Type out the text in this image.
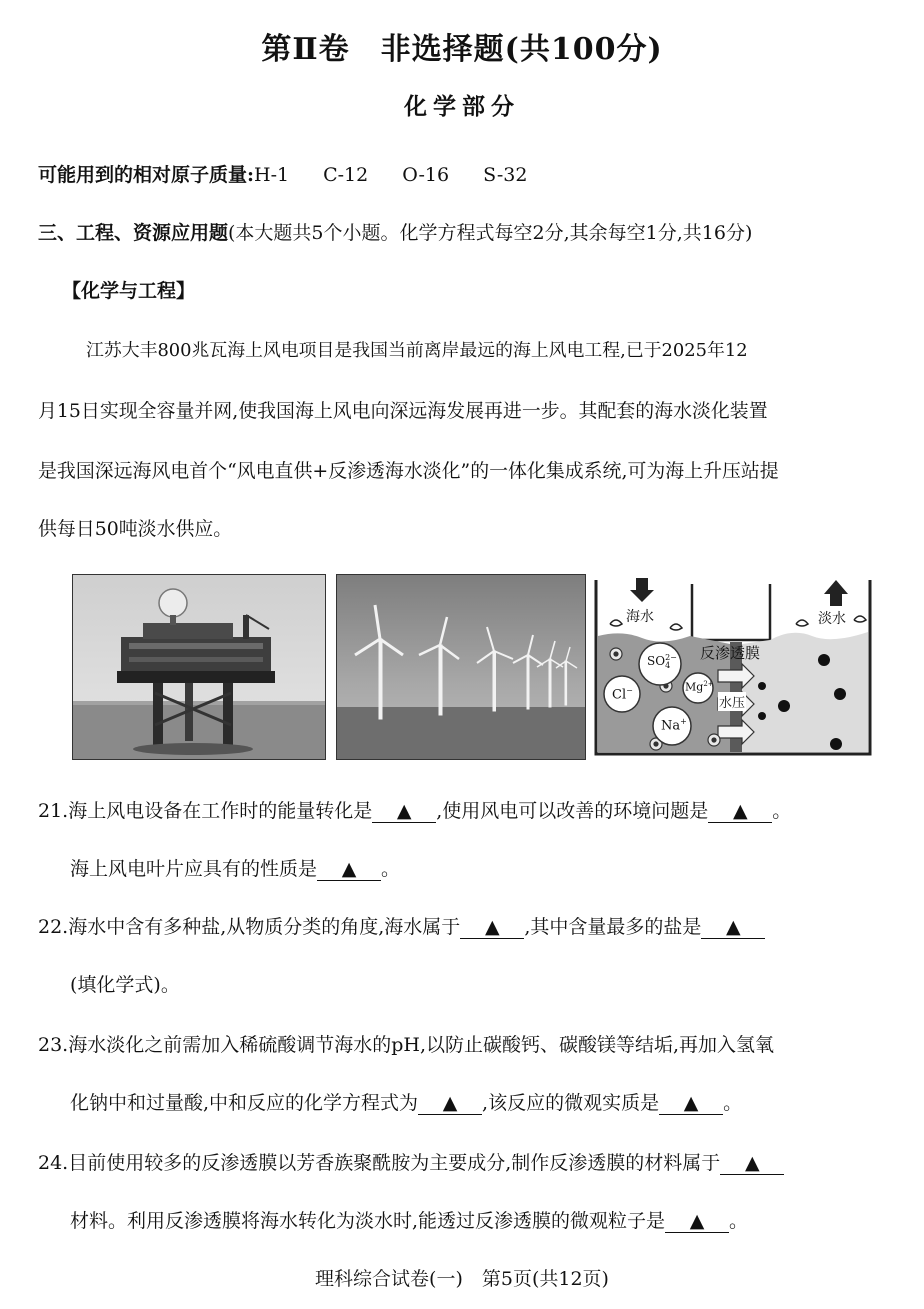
第Ⅱ卷　非选择题(共100分)
化学部分
可能用到的相对原子质量:H-1 C-12 O-16 S-32
三、工程、资源应用题(本大题共5个小题。化学方程式每空2分,其余每空1分,共16分)
【化学与工程】
江苏大丰800兆瓦海上风电项目是我国当前离岸最远的海上风电工程,已于2025年12
月15日实现全容量并网,使我国海上风电向深远海发展再进一步。其配套的海水淡化装置
是我国深远海风电首个“风电直供+反渗透海水淡化”的一体化集成系统,可为海上升压站提
供每日50吨淡水供应。
海水	淡水
反渗透膜
水压
SO 2−
4
Cl−	$Mg^{2+}$
Na+
21.海上风电设备在工作时的能量转化是 ▲ ,使用风电可以改善的环境问题是 ▲ 。
海上风电叶片应具有的性质是 ▲ 。
22.海水中含有多种盐,从物质分类的角度,海水属于 ▲ ,其中含量最多的盐是 ▲
(填化学式)。
23.海水淡化之前需加入稀硫酸调节海水的pH,以防止碳酸钙、碳酸镁等结垢,再加入氢氧
化钠中和过量酸,中和反应的化学方程式为 ▲ ,该反应的微观实质是 ▲ 。
24.目前使用较多的反渗透膜以芳香族聚酰胺为主要成分,制作反渗透膜的材料属于 ▲
材料。利用反渗透膜将海水转化为淡水时,能透过反渗透膜的微观粒子是 ▲ 。
理科综合试卷(一)　第5页(共12页)
